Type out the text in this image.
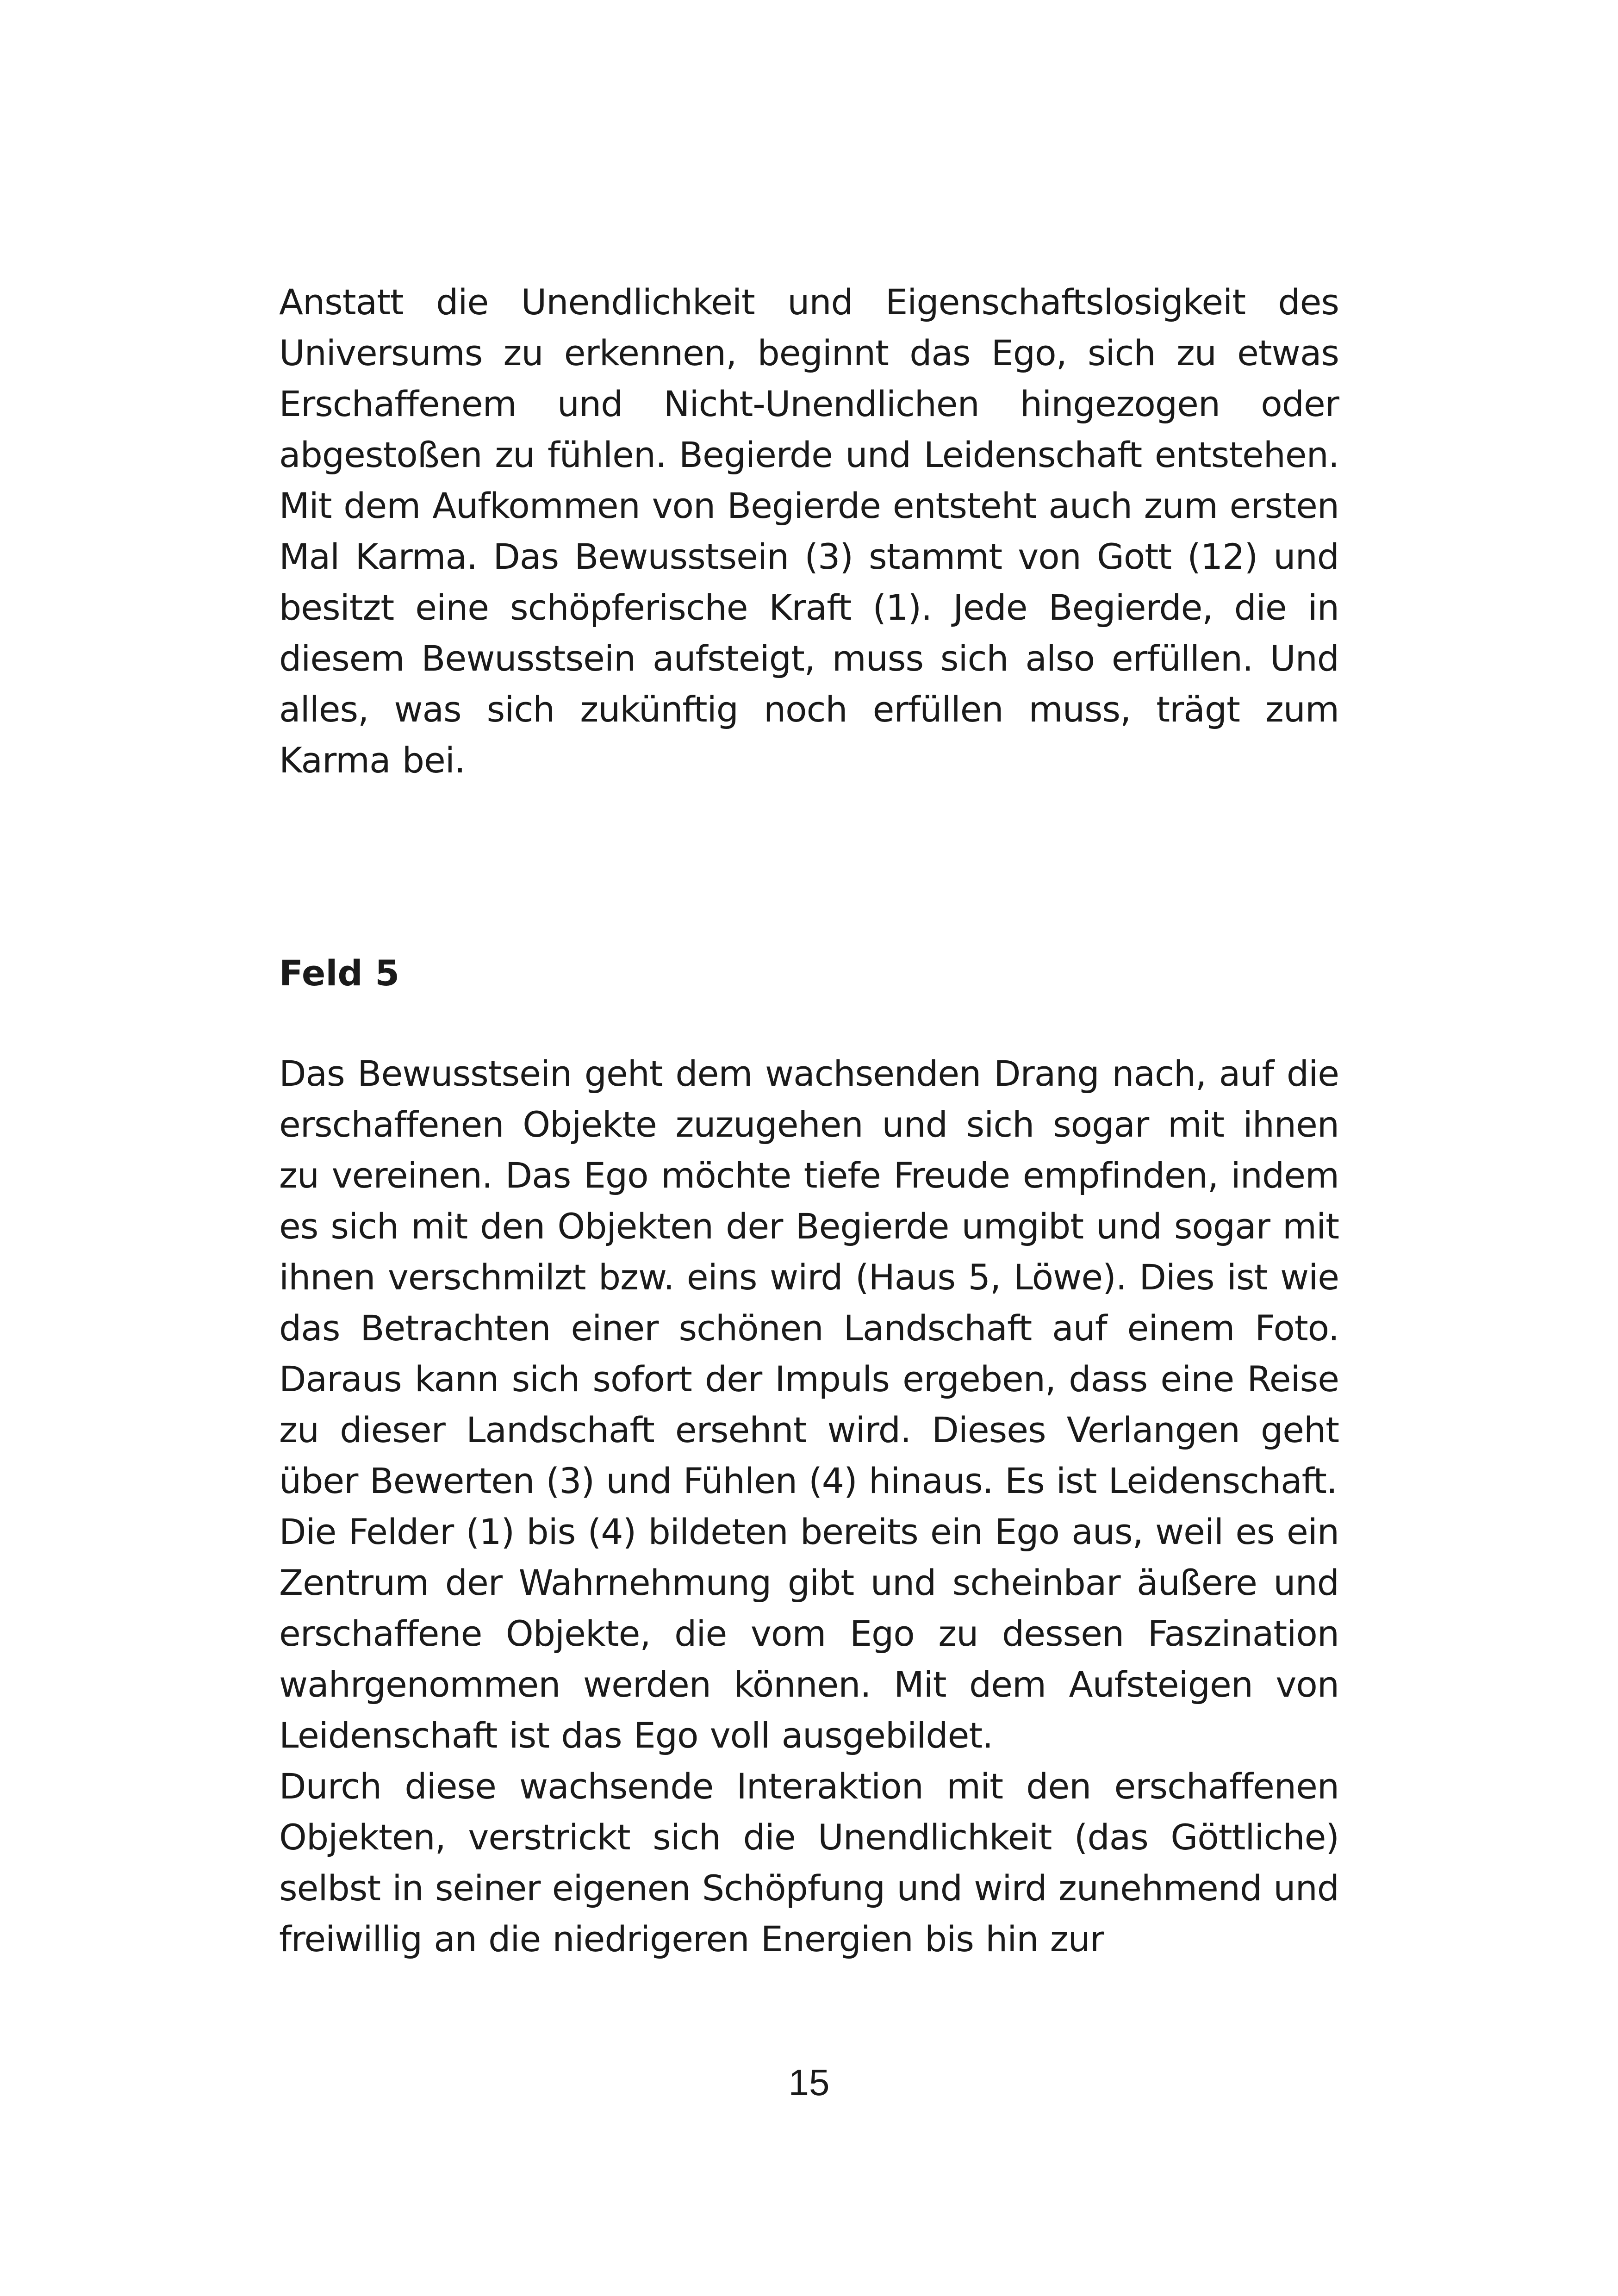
Anstatt die Unendlichkeit und Eigenschaftslosigkeit des Universums zu erkennen, beginnt das Ego, sich zu etwas Erschaffenem und Nicht-Unendlichen hingezogen oder abgestoßen zu fühlen. Begierde und Leidenschaft entstehen. Mit dem Aufkommen von Begierde entsteht auch zum ersten Mal Karma. Das Bewusstsein (3) stammt von Gott (12) und besitzt eine schöpferische Kraft (1). Jede Begierde, die in diesem Bewusstsein aufsteigt, muss sich also erfüllen. Und alles, was sich zukünftig noch erfüllen muss, trägt zum Karma bei.

Feld 5

Das Bewusstsein geht dem wachsenden Drang nach, auf die erschaffenen Objekte zuzugehen und sich sogar mit ihnen zu vereinen. Das Ego möchte tiefe Freude empfinden, indem es sich mit den Objekten der Begierde umgibt und sogar mit ihnen verschmilzt bzw. eins wird (Haus 5, Löwe). Dies ist wie das Betrachten einer schönen Landschaft auf einem Foto. Daraus kann sich sofort der Impuls ergeben, dass eine Reise zu dieser Landschaft ersehnt wird. Dieses Verlangen geht über Bewerten (3) und Fühlen (4) hinaus. Es ist Leidenschaft.

Die Felder (1) bis (4) bildeten bereits ein Ego aus, weil es ein Zentrum der Wahrnehmung gibt und scheinbar äußere und erschaffene Objekte, die vom Ego zu dessen Faszination wahrgenommen werden können. Mit dem Aufsteigen von Leidenschaft ist das Ego voll ausgebildet.

Durch diese wachsende Interaktion mit den erschaffenen Objekten, verstrickt sich die Unendlichkeit (das Göttliche) selbst in seiner eigenen Schöpfung und wird zunehmend und freiwillig an die niedrigeren Energien bis hin zur

15
